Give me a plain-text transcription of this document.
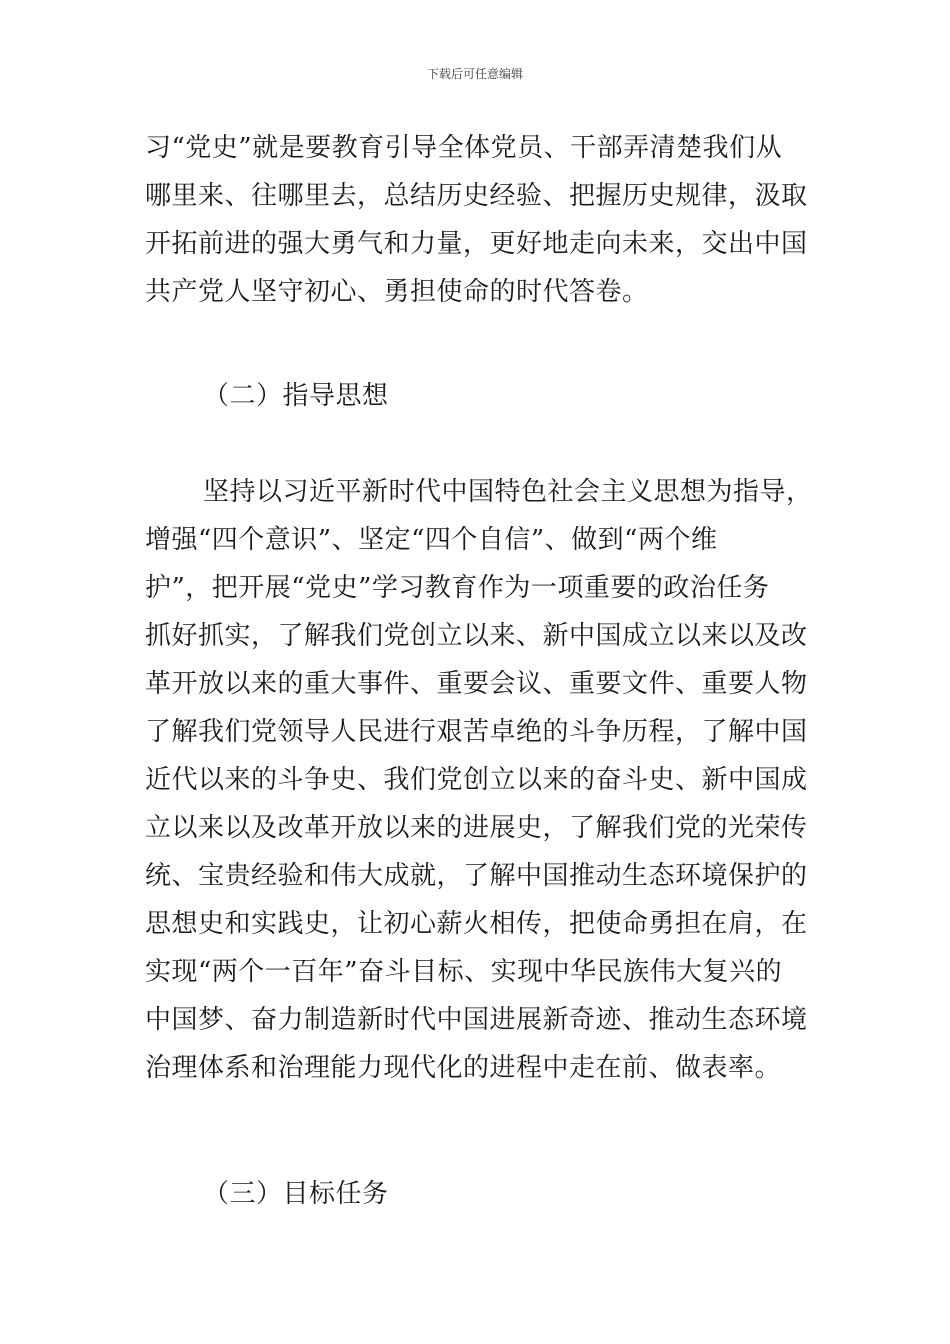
下载后可任意编辑
习“党史”就是要教育引导全体党员、干部弄清楚我们从
哪里来、往哪里去，总结历史经验、把握历史规律，汲取
开拓前进的强大勇气和力量，更好地走向未来，交出中国
共产党人坚守初心、勇担使命的时代答卷。
（二）指导思想
坚持以习近平新时代中国特色社会主义思想为指导，
增强“四个意识”、坚定“四个自信”、做到“两个维
护”，把开展“党史”学习教育作为一项重要的政治任务
抓好抓实，了解我们党创立以来、新中国成立以来以及改
革开放以来的重大事件、重要会议、重要文件、重要人物
了解我们党领导人民进行艰苦卓绝的斗争历程，了解中国
近代以来的斗争史、我们党创立以来的奋斗史、新中国成
立以来以及改革开放以来的进展史，了解我们党的光荣传
统、宝贵经验和伟大成就，了解中国推动生态环境保护的
思想史和实践史，让初心薪火相传，把使命勇担在肩，在
实现“两个一百年”奋斗目标、实现中华民族伟大复兴的
中国梦、奋力制造新时代中国进展新奇迹、推动生态环境
治理体系和治理能力现代化的进程中走在前、做表率。
（三）目标任务
